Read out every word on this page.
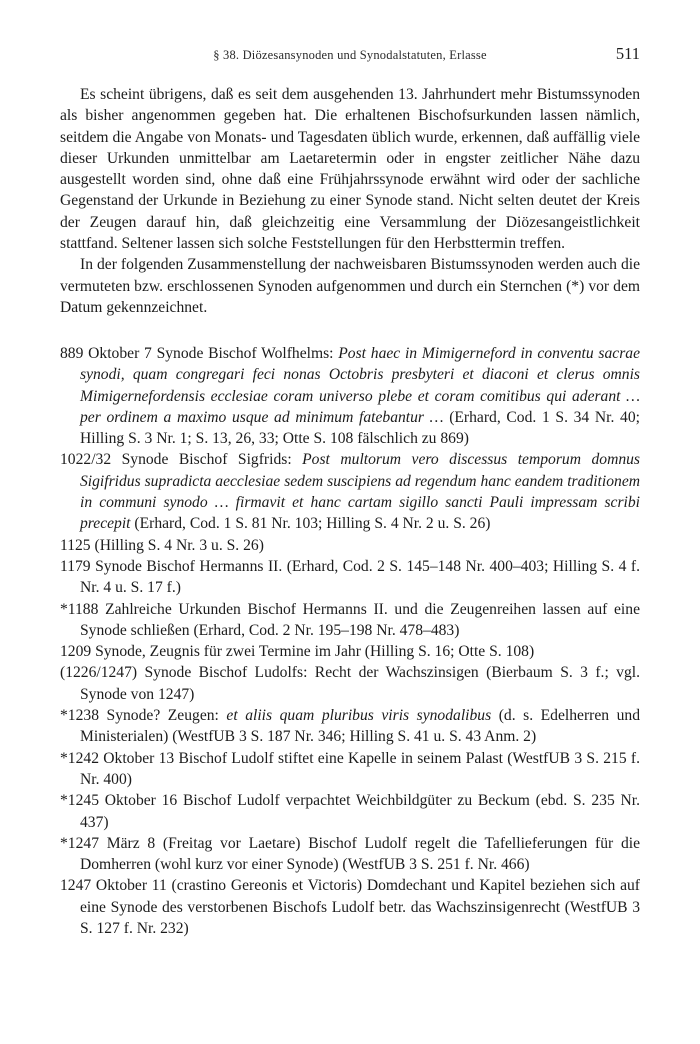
§ 38. Diözesansynoden und Synodalstatuten, Erlasse	511

Es scheint übrigens, daß es seit dem ausgehenden 13. Jahrhundert mehr Bistumssynoden als bisher angenommen gegeben hat. Die erhaltenen Bischofsurkunden lassen nämlich, seitdem die Angabe von Monats- und Tagesdaten üblich wurde, erkennen, daß auffällig viele dieser Urkunden unmittelbar am Laetaretermin oder in engster zeitlicher Nähe dazu ausgestellt worden sind, ohne daß eine Frühjahrssynode erwähnt wird oder der sachliche Gegenstand der Urkunde in Beziehung zu einer Synode stand. Nicht selten deutet der Kreis der Zeugen darauf hin, daß gleichzeitig eine Versammlung der Diözesangeistlichkeit stattfand. Seltener lassen sich solche Feststellungen für den Herbsttermin treffen.

In der folgenden Zusammenstellung der nachweisbaren Bistumssynoden werden auch die vermuteten bzw. erschlossenen Synoden aufgenommen und durch ein Sternchen (*) vor dem Datum gekennzeichnet.

889 Oktober 7 Synode Bischof Wolfhelms: Post haec in Mimigerneford in conventu sacrae synodi, quam congregari feci nonas Octobris presbyteri et diaconi et clerus omnis Mimigernefordensis ecclesiae coram universo plebe et coram comitibus qui aderant … per ordinem a maximo usque ad minimum fatebantur … (Erhard, Cod. 1 S. 34 Nr. 40; Hilling S. 3 Nr. 1; S. 13, 26, 33; Otte S. 108 fälschlich zu 869)

1022/32 Synode Bischof Sigfrids: Post multorum vero discessus temporum domnus Sigifridus supradicta aecclesiae sedem suscipiens ad regendum hanc eandem traditionem in communi synodo … firmavit et hanc cartam sigillo sancti Pauli impressam scribi precepit (Erhard, Cod. 1 S. 81 Nr. 103; Hilling S. 4 Nr. 2 u. S. 26)

1125 (Hilling S. 4 Nr. 3 u. S. 26)

1179 Synode Bischof Hermanns II. (Erhard, Cod. 2 S. 145–148 Nr. 400–403; Hilling S. 4 f. Nr. 4 u. S. 17 f.)

*1188 Zahlreiche Urkunden Bischof Hermanns II. und die Zeugenreihen lassen auf eine Synode schließen (Erhard, Cod. 2 Nr. 195–198 Nr. 478–483)

1209 Synode, Zeugnis für zwei Termine im Jahr (Hilling S. 16; Otte S. 108)

(1226/1247) Synode Bischof Ludolfs: Recht der Wachszinsigen (Bierbaum S. 3 f.; vgl. Synode von 1247)

*1238 Synode? Zeugen: et aliis quam pluribus viris synodalibus (d. s. Edelherren und Ministerialen) (WestfUB 3 S. 187 Nr. 346; Hilling S. 41 u. S. 43 Anm. 2)

*1242 Oktober 13 Bischof Ludolf stiftet eine Kapelle in seinem Palast (WestfUB 3 S. 215 f. Nr. 400)

*1245 Oktober 16 Bischof Ludolf verpachtet Weichbildgüter zu Beckum (ebd. S. 235 Nr. 437)

*1247 März 8 (Freitag vor Laetare) Bischof Ludolf regelt die Tafellieferungen für die Domherren (wohl kurz vor einer Synode) (WestfUB 3 S. 251 f. Nr. 466)

1247 Oktober 11 (crastino Gereonis et Victoris) Domdechant und Kapitel beziehen sich auf eine Synode des verstorbenen Bischofs Ludolf betr. das Wachszinsigenrecht (WestfUB 3 S. 127 f. Nr. 232)
